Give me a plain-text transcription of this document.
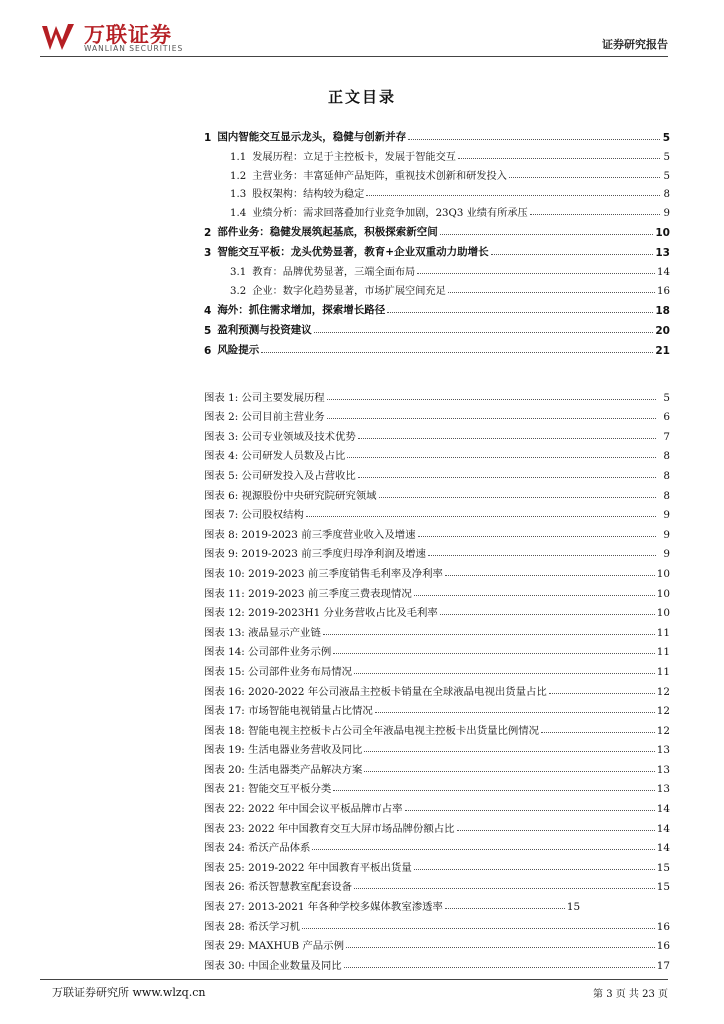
万联证券
WANLIAN SECURITIES	证券研究报告
正文目录
1 国内智能交互显示龙头，稳健与创新并存	5
1.1 发展历程：立足于主控板卡，发展于智能交互	5
1.2 主营业务：丰富延伸产品矩阵，重视技术创新和研发投入	5
1.3 股权架构：结构较为稳定	8
1.4 业绩分析：需求回落叠加行业竞争加剧，23Q3 业绩有所承压	9
2 部件业务：稳健发展筑起基底，积极探索新空间	10
3 智能交互平板：龙头优势显著，教育+企业双重动力助增长	13
3.1 教育：品牌优势显著，三端全面布局	14
3.2 企业：数字化趋势显著，市场扩展空间充足	16
4 海外：抓住需求增加，探索增长路径	18
5 盈利预测与投资建议	20
6 风险提示	21
图表 1: 公司主要发展历程	5
图表 2: 公司目前主营业务	6
图表 3: 公司专业领域及技术优势	7
图表 4: 公司研发人员数及占比	8
图表 5: 公司研发投入及占营收比	8
图表 6: 视源股份中央研究院研究领域	8
图表 7: 公司股权结构	9
图表 8: 2019-2023 前三季度营业收入及增速	9
图表 9: 2019-2023 前三季度归母净利润及增速	9
图表 10: 2019-2023 前三季度销售毛利率及净利率	10
图表 11: 2019-2023 前三季度三费表现情况	10
图表 12: 2019-2023H1 分业务营收占比及毛利率	10
图表 13: 液晶显示产业链	11
图表 14: 公司部件业务示例	11
图表 15: 公司部件业务布局情况	11
图表 16: 2020-2022 年公司液晶主控板卡销量在全球液晶电视出货量占比	12
图表 17: 市场智能电视销量占比情况	12
图表 18: 智能电视主控板卡占公司全年液晶电视主控板卡出货量比例情况	12
图表 19: 生活电器业务营收及同比	13
图表 20: 生活电器类产品解决方案	13
图表 21: 智能交互平板分类	13
图表 22: 2022 年中国会议平板品牌市占率	14
图表 23: 2022 年中国教育交互大屏市场品牌份额占比	14
图表 24: 希沃产品体系	14
图表 25: 2019-2022 年中国教育平板出货量	15
图表 26: 希沃智慧教室配套设备	15
图表 27: 2013-2021 年各种学校多媒体教室渗透率	15
图表 28: 希沃学习机	16
图表 29: MAXHUB 产品示例	16
图表 30: 中国企业数量及同比	17
万联证券研究所 www.wlzq.cn	第 3 页 共 23 页
